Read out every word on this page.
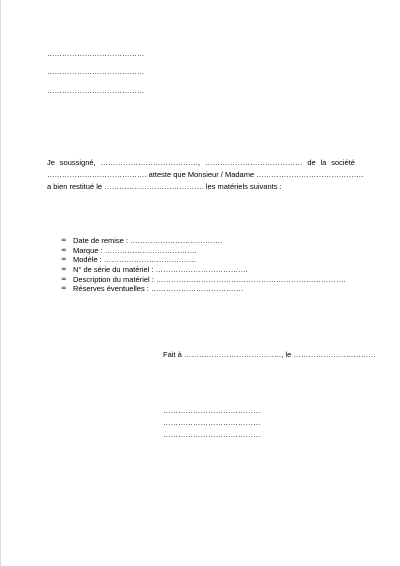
…………………………………
…………………………………
…………………………………
Je soussigné, …………………………………, ………………………………… de la société
…………………………………. atteste que Monsieur / Madame …………………………………….
a bien restitué le …………………………………. les matériels suivants :
∞ Date de remise : ……………………………….
∞ Marque : ……………………………….
∞ Modèle : ……………………………….
∞ N° de série du matériel : ……………………………….
∞ Description du matériel : ………………………………………………………………….
∞ Réserves éventuelles : ……………………………….
Fait à …………………………………, le ……………………………
…………………………………
…………………………………
…………………………………
